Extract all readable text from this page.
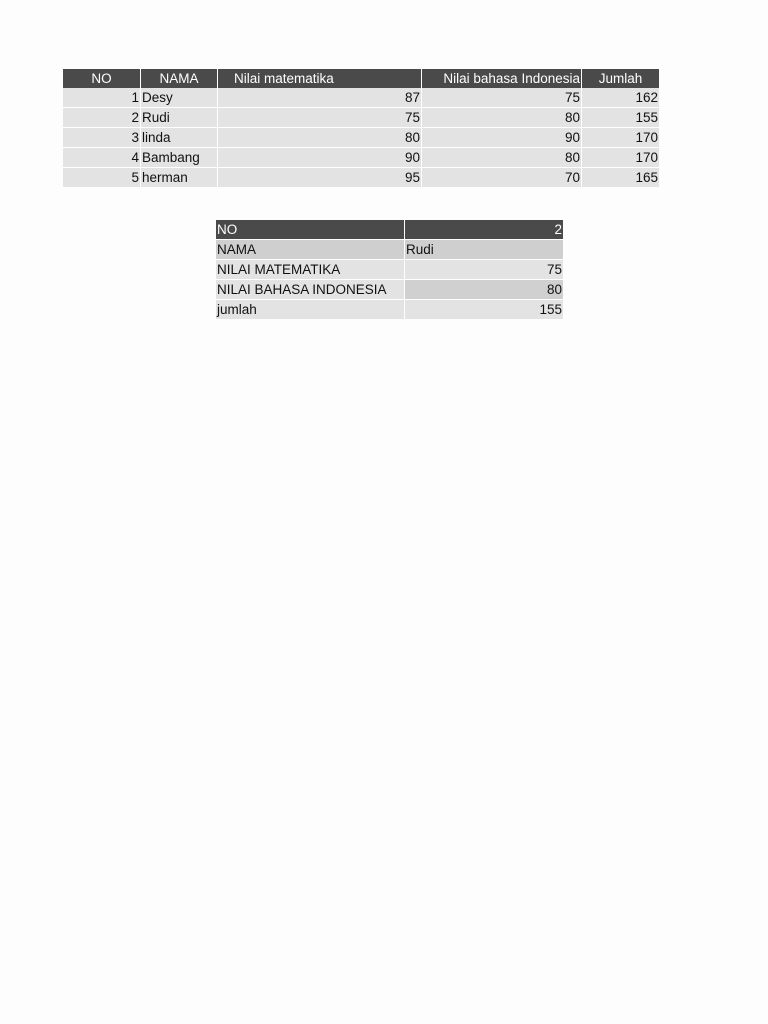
NO	NAMA	Nilai matematika	Nilai bahasa Indonesia	Jumlah
1	Desy	87	75	162
2	Rudi	75	80	155
3	linda	80	90	170
4	Bambang	90	80	170
5	herman	95	70	165
NO	2
NAMA	Rudi
NILAI MATEMATIKA	75
NILAI BAHASA INDONESIA	80
jumlah	155
